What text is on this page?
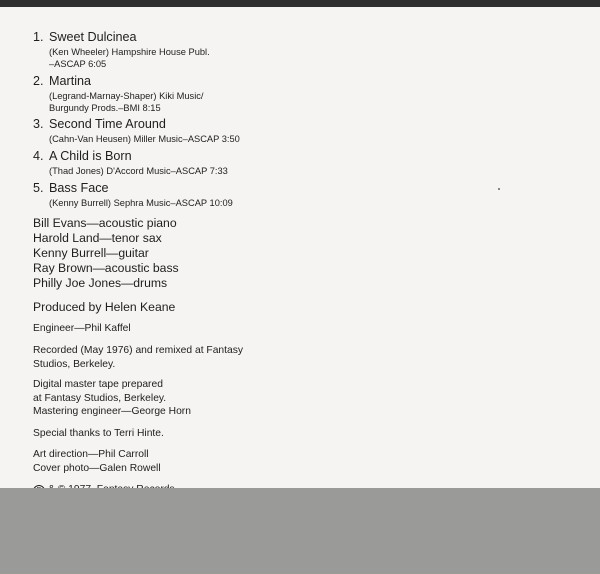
1. Sweet Dulcinea
(Ken Wheeler) Hampshire House Publ.
–ASCAP 6:05
2. Martina
(Legrand-Marnay-Shaper) Kiki Music/
Burgundy Prods.–BMI 8:15
3. Second Time Around
(Cahn-Van Heusen) Miller Music–ASCAP 3:50
4. A Child is Born
(Thad Jones) D'Accord Music–ASCAP 7:33
5. Bass Face
(Kenny Burrell) Sephra Music–ASCAP 10:09
Bill Evans—acoustic piano
Harold Land—tenor sax
Kenny Burrell—guitar
Ray Brown—acoustic bass
Philly Joe Jones—drums
Produced by Helen Keane
Engineer—Phil Kaffel
Recorded (May 1976) and remixed at Fantasy
Studios, Berkeley.
Digital master tape prepared
at Fantasy Studios, Berkeley.
Mastering engineer—George Horn
Special thanks to Terri Hinte.
Art direction—Phil Carroll
Cover photo—Galen Rowell
